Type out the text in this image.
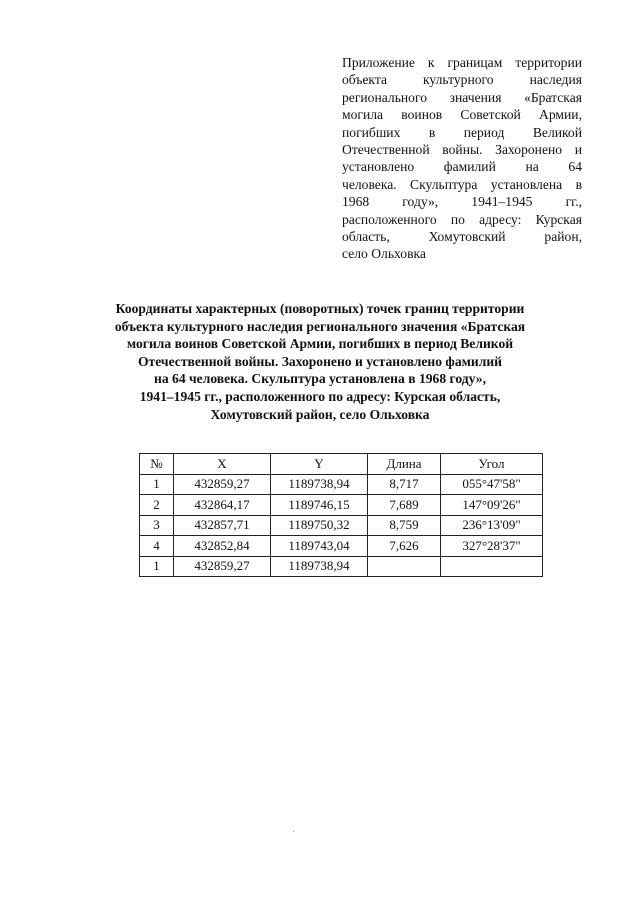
Приложение к границам территории
объекта культурного наследия
регионального значения «Братская
могила воинов Советской Армии,
погибших в период Великой
Отечественной войны. Захоронено и
установлено фамилий на 64
человека. Скульптура установлена в
1968 году», 1941–1945 гг.,
расположенного по адресу: Курская
область, Хомутовский район,
село Ольховка
Координаты характерных (поворотных) точек границ территории
объекта культурного наследия регионального значения «Братская
могила воинов Советской Армии, погибших в период Великой
Отечественной войны. Захоронено и установлено фамилий
на 64 человека. Скульптура установлена в 1968 году»,
1941–1945 гг., расположенного по адресу: Курская область,
Хомутовский район, село Ольховка
№	X	Y	Длина	Угол
1	432859,27	1189738,94	8,717	055°47'58"
2	432864,17	1189746,15	7,689	147°09'26"
3	432857,71	1189750,32	8,759	236°13'09"
4	432852,84	1189743,04	7,626	327°28'37"
1	432859,27	1189738,94		
